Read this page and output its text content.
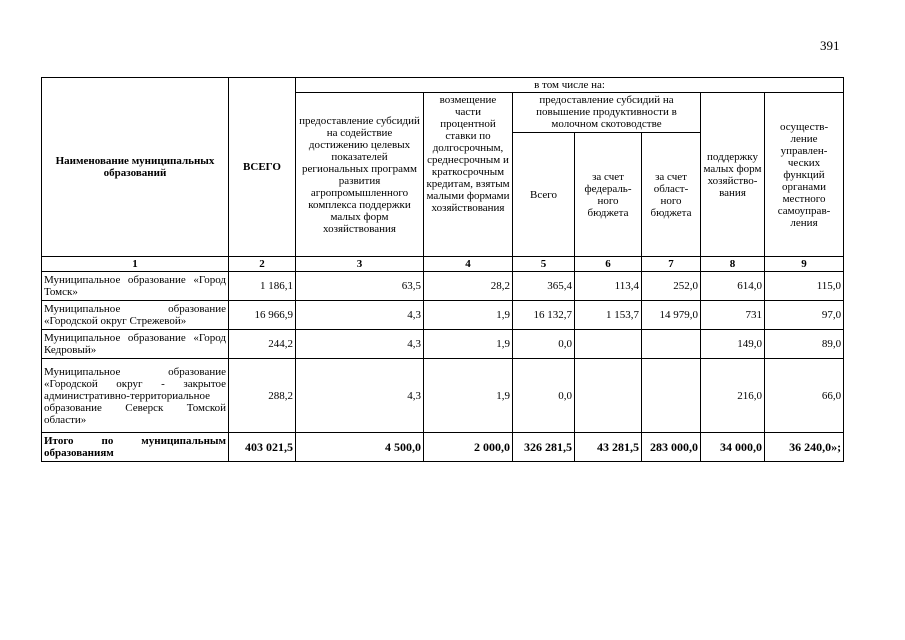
391
Наименование муниципальных образований	ВСЕГО	в том числе на:						
		предоставление субсидий на содействие достижению целевых показателей региональных программ развития агропромышленного комплекса поддержки малых форм хозяйствования	возмещение части процентной ставки по долгосрочным, среднесрочным и краткосрочным кредитам, взятым малыми формами хозяйствования	предоставление субсидий на повышение продуктивности в молочном скотоводстве			поддержку малых форм хозяйство-вания	осуществ-ление управлен-ческих функций органами местного самоуправ-ления
				Всего	за счет федераль-ного бюджета	за счет област-ного бюджета		
1	2	3	4	5	6	7	8	9
Муниципальное образование «Город Томск»	1 186,1	63,5	28,2	365,4	113,4	252,0	614,0	115,0
Муниципальное образование «Городской округ Стрежевой»	16 966,9	4,3	1,9	16 132,7	1 153,7	14 979,0	731	97,0
Муниципальное образование «Город Кедровый»	244,2	4,3	1,9	0,0			149,0	89,0
Муниципальное образование «Городской округ - закрытое административно-территориальное образование Северск Томской области»	288,2	4,3	1,9	0,0			216,0	66,0
Итого по муниципальным образованиям	403 021,5	4 500,0	2 000,0	326 281,5	43 281,5	283 000,0	34 000,0	36 240,0»;
